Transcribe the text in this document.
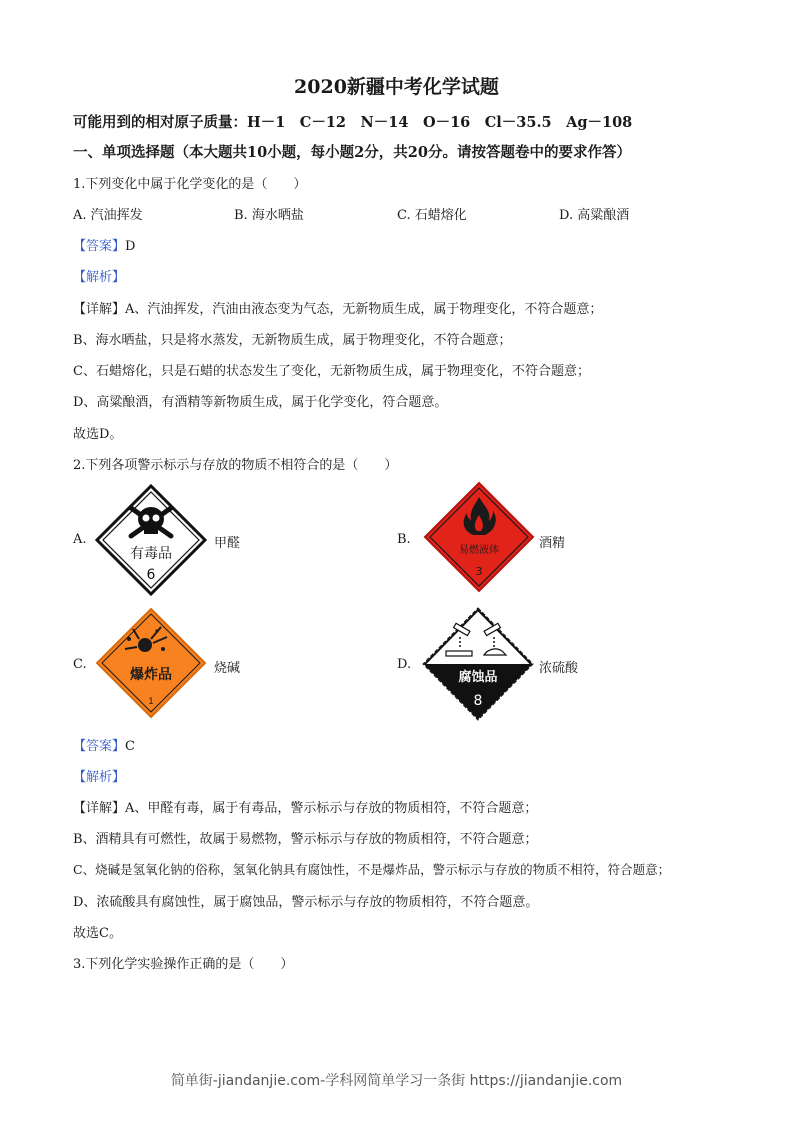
2020新疆中考化学试题
可能用到的相对原子质量：H－1　C－12　N－14　O－16　Cl－35.5　Ag－108
一、单项选择题（本大题共10小题，每小题2分，共20分。请按答题卷中的要求作答）
1.下列变化中属于化学变化的是（　　）
A. 汽油挥发	B. 海水晒盐	C. 石蜡熔化	D. 高粱酿酒
【答案】D
【解析】
【详解】A、汽油挥发，汽油由液态变为气态，无新物质生成，属于物理变化，不符合题意；
B、海水晒盐，只是将水蒸发，无新物质生成，属于物理变化，不符合题意；
C、石蜡熔化，只是石蜡的状态发生了变化，无新物质生成，属于物理变化，不符合题意；
D、高粱酿酒，有酒精等新物质生成，属于化学变化，符合题意。
故选D。
2.下列各项警示标示与存放的物质不相符合的是（　　）
A.
有毒品
6
甲醛	B.
易燃液体
3
酒精
C.
爆炸品
1
烧碱	D.
腐蚀品
8
浓硫酸
【答案】C
【解析】
【详解】A、甲醛有毒，属于有毒品，警示标示与存放的物质相符，不符合题意；
B、酒精具有可燃性，故属于易燃物，警示标示与存放的物质相符，不符合题意；
C、烧碱是氢氧化钠的俗称，氢氧化钠具有腐蚀性，不是爆炸品，警示标示与存放的物质不相符，符合题意；
D、浓硫酸具有腐蚀性，属于腐蚀品，警示标示与存放的物质相符，不符合题意。
故选C。
3.下列化学实验操作正确的是（　　）
简单街-jiandanjie.com-学科网简单学习一条街 https://jiandanjie.com
